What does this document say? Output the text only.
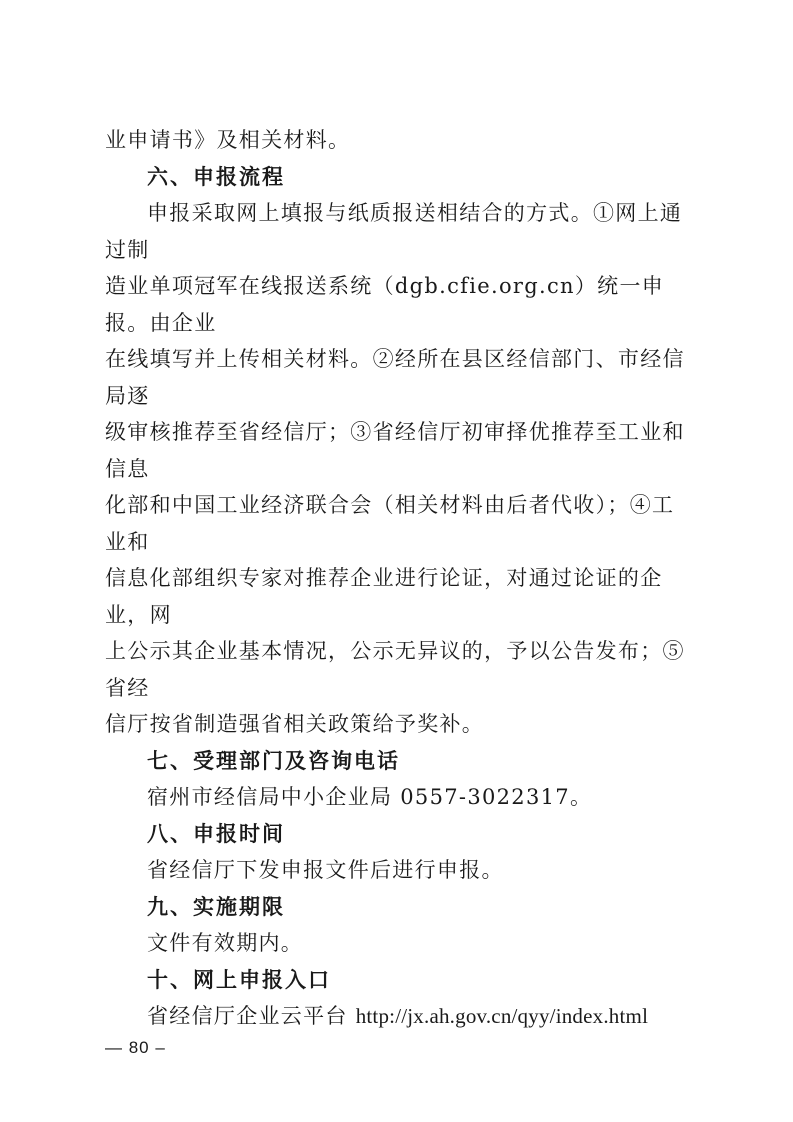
业申请书》及相关材料。

六、申报流程

申报采取网上填报与纸质报送相结合的方式。①网上通过制

造业单项冠军在线报送系统（dgb.cfie.org.cn）统一申报。由企业

在线填写并上传相关材料。②经所在县区经信部门、市经信局逐

级审核推荐至省经信厅；③省经信厅初审择优推荐至工业和信息

化部和中国工业经济联合会（相关材料由后者代收）；④工业和

信息化部组织专家对推荐企业进行论证，对通过论证的企业，网

上公示其企业基本情况，公示无异议的，予以公告发布；⑤省经

信厅按省制造强省相关政策给予奖补。

七、受理部门及咨询电话

宿州市经信局中小企业局 0557-3022317。

八、申报时间

省经信厅下发申报文件后进行申报。

九、实施期限

文件有效期内。

十、网上申报入口

省经信厅企业云平台 http://jx.ah.gov.cn/qyy/index.html

— 80 –
